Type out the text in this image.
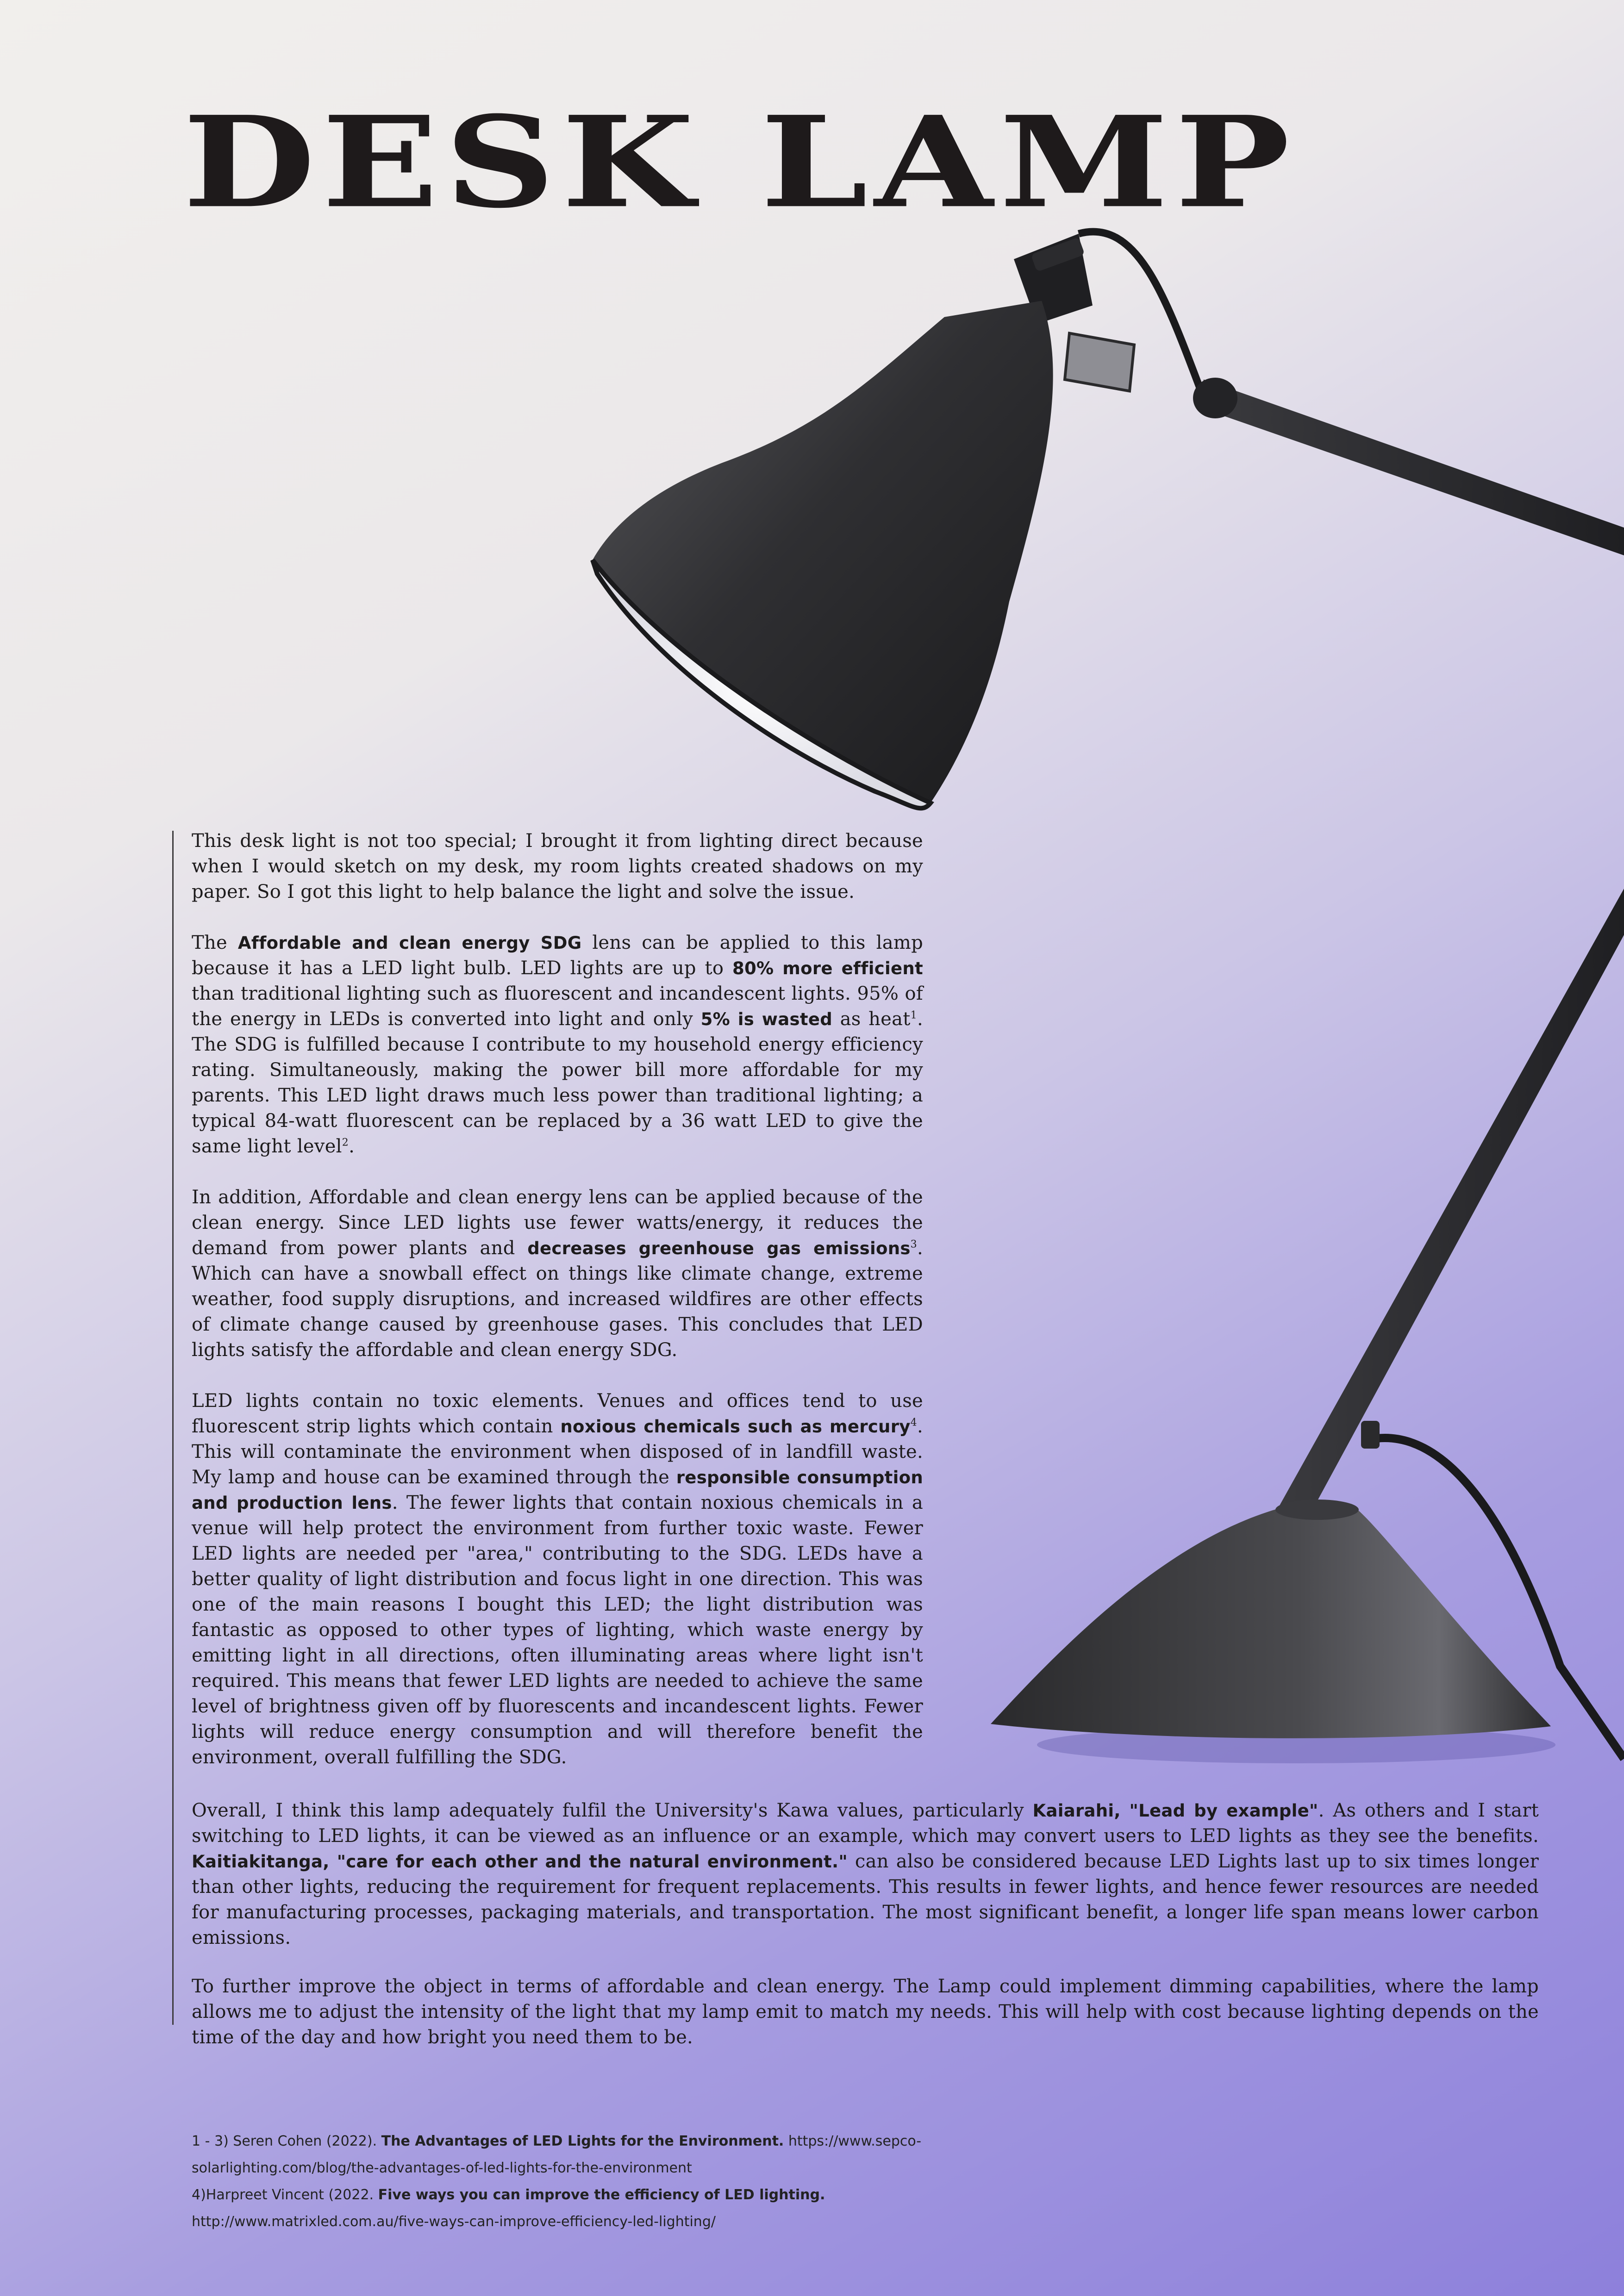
DESK LAMP

This desk light is not too special; I brought it from lighting direct because when I would sketch on my desk, my room lights created shadows on my paper. So I got this light to help balance the light and solve the issue.

The Affordable and clean energy SDG lens can be applied to this lamp because it has a LED light bulb. LED lights are up to 80% more efficient than traditional lighting such as fluorescent and incandescent lights. 95% of the energy in LEDs is converted into light and only 5% is wasted as heat$^1$. The SDG is fulfilled because I contribute to my household energy efficiency rating. Simultaneously, making the power bill more affordable for my parents. This LED light draws much less power than traditional lighting; a typical 84-watt fluorescent can be replaced by a 36 watt LED to give the same light level$^2$.

In addition, Affordable and clean energy lens can be applied because of the clean energy. Since LED lights use fewer watts/energy, it reduces the demand from power plants and decreases greenhouse gas emissions$^3$. Which can have a snowball effect on things like climate change, extreme weather, food supply disruptions, and increased wildfires are other effects of climate change caused by greenhouse gases. This concludes that LED lights satisfy the affordable and clean energy SDG.

LED lights contain no toxic elements. Venues and offices tend to use fluorescent strip lights which contain noxious chemicals such as mercury$^4$. This will contaminate the environment when disposed of in landfill waste. My lamp and house can be examined through the responsible consumption and production lens. The fewer lights that contain noxious chemicals in a venue will help protect the environment from further toxic waste. Fewer LED lights are needed per "area," contributing to the SDG. LEDs have a better quality of light distribution and focus light in one direction. This was one of the main reasons I bought this LED; the light distribution was fantastic as opposed to other types of lighting, which waste energy by emitting light in all directions, often illuminating areas where light isn't required. This means that fewer LED lights are needed to achieve the same level of brightness given off by fluorescents and incandescent lights. Fewer lights will reduce energy consumption and will therefore benefit the environment, overall fulfilling the SDG.

Overall, I think this lamp adequately fulfil the University's Kawa values, particularly Kaiarahi, "Lead by example". As others and I start switching to LED lights, it can be viewed as an influence or an example, which may convert users to LED lights as they see the benefits. Kaitiakitanga, "care for each other and the natural environment." can also be considered because LED Lights last up to six times longer than other lights, reducing the requirement for frequent replacements. This results in fewer lights, and hence fewer resources are needed for manufacturing processes, packaging materials, and transportation. The most significant benefit, a longer life span means lower carbon emissions.

To further improve the object in terms of affordable and clean energy. The Lamp could implement dimming capabilities, where the lamp allows me to adjust the intensity of the light that my lamp emit to match my needs. This will help with cost because lighting depends on the time of the day and how bright you need them to be.

1 - 3) Seren Cohen (2022). The Advantages of LED Lights for the Environment. https://www.sepco-solarlighting.com/blog/the-advantages-of-led-lights-for-the-environment

4)Harpreet Vincent (2022. Five ways you can improve the efficiency of LED lighting. http://www.matrixled.com.au/five-ways-can-improve-efficiency-led-lighting/
